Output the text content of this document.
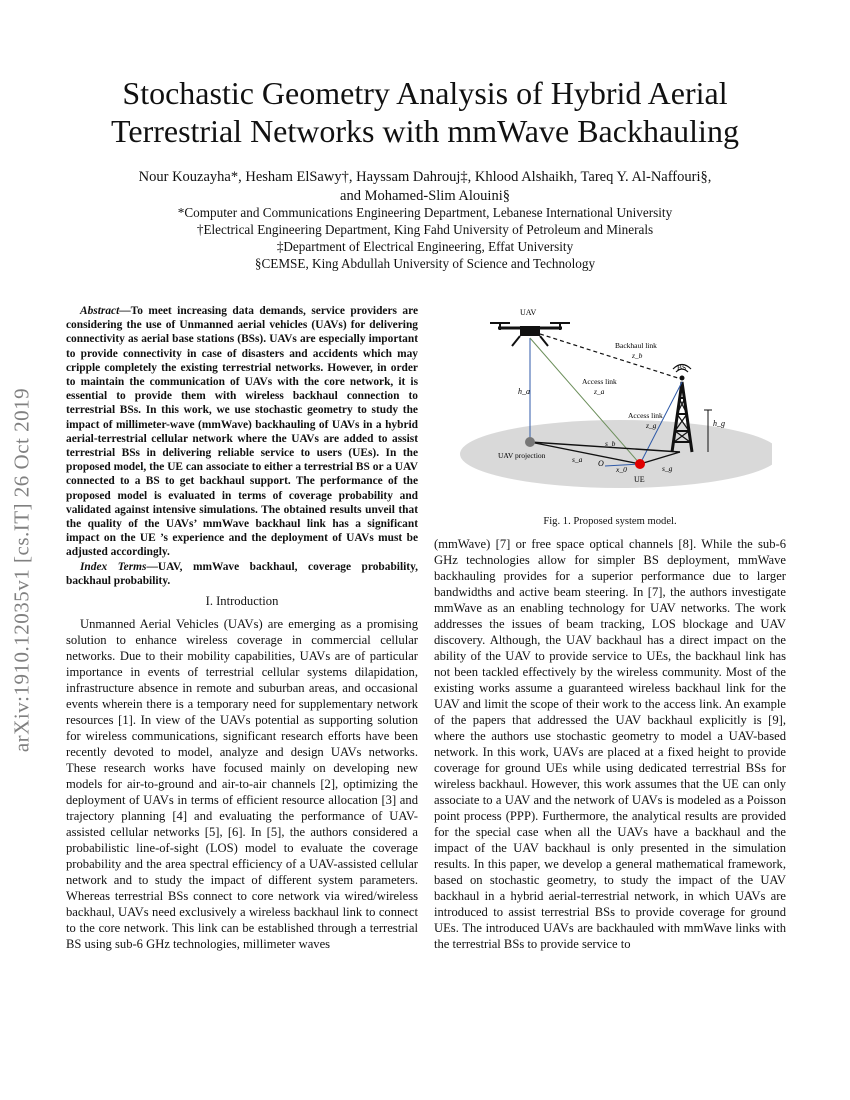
arXiv:1910.12035v1 [cs.IT] 26 Oct 2019
Stochastic Geometry Analysis of Hybrid Aerial
Terrestrial Networks with mmWave Backhauling
Nour Kouzayha*, Hesham ElSawy†, Hayssam Dahrouj‡, Khlood Alshaikh, Tareq Y. Al-Naffouri§,
and Mohamed-Slim Alouini§
*Computer and Communications Engineering Department, Lebanese International University
†Electrical Engineering Department, King Fahd University of Petroleum and Minerals
‡Department of Electrical Engineering, Effat University
§CEMSE, King Abdullah University of Science and Technology

Abstract—To meet increasing data demands, service providers are considering the use of Unmanned aerial vehicles (UAVs) for delivering connectivity as aerial base stations (BSs). UAVs are especially important to provide connectivity in case of disasters and accidents which may cripple completely the existing terrestrial networks. However, in order to maintain the communication of UAVs with the core network, it is essential to provide them with wireless backhaul connection to terrestrial BSs. In this work, we use stochastic geometry to study the impact of millimeter-wave (mmWave) backhauling of UAVs in a hybrid aerial-terrestrial cellular network where the UAVs are added to assist terrestrial BSs in delivering reliable service to users (UEs). In the proposed model, the UE can associate to either a terrestrial BS or a UAV connected to a BS to get backhaul support. The performance of the proposed model is evaluated in terms of coverage probability and validated against intensive simulations. The obtained results unveil that the quality of the UAVs’ mmWave backhaul link has a significant impact on the UE ’s experience and the deployment of UAVs must be adjusted accordingly.

Index Terms—UAV, mmWave backhaul, coverage probability, backhaul probability.

I. Introduction

Unmanned Aerial Vehicles (UAVs) are emerging as a promising solution to enhance wireless coverage in commercial cellular networks. Due to their mobility capabilities, UAVs are of particular importance in events of terrestrial cellular systems dilapidation, infrastructure absence in remote and suburban areas, and occasional events wherein there is a temporary need for supplementary network resources [1]. In view of the UAVs potential as supporting solution for wireless communications, significant research efforts have been recently devoted to model, analyze and design UAVs networks. These research works have focused mainly on developing new models for air-to-ground and air-to-air channels [2], optimizing the deployment of UAVs in terms of efficient resource allocation [3] and trajectory planning [4] and evaluating the performance of UAV-assisted cellular networks [5], [6]. In [5], the authors considered a probabilistic line-of-sight (LOS) model to evaluate the coverage probability and the area spectral efficiency of a UAV-assisted cellular network and to study the impact of different system parameters. Whereas terrestrial BSs connect to core network via wired/wireless backhaul, UAVs need exclusively a wireless backhaul link to connect to the core network. This link can be established through a terrestrial BS using sub-6 GHz technologies, millimeter waves

UAV
h_a
Backhaul link
z_b
BS
h_g
Access link
z_a
Access link
z_g
UAV projection
s_b
s_a
s_g
O
x_0
UE
Fig. 1. Proposed system model.

(mmWave) [7] or free space optical channels [8]. While the sub-6 GHz technologies allow for simpler BS deployment, mmWave backhauling provides for a superior performance due to larger bandwidths and active beam steering. In [7], the authors investigate mmWave as an enabling technology for UAV networks. The work addresses the issues of beam tracking, LOS blockage and UAV discovery. Although, the UAV backhaul has a direct impact on the ability of the UAV to provide service to UEs, the backhaul link has not been tackled effectively by the wireless community. Most of the existing works assume a guaranteed wireless backhaul link for the UAV and limit the scope of their work to the access link. An example of the papers that addressed the UAV backhaul explicitly is [9], where the authors use stochastic geometry to model a UAV-based network. In this work, UAVs are placed at a fixed height to provide coverage for ground UEs while using dedicated terrestrial BSs for wireless backhaul. However, this work assumes that the UE can only associate to a UAV and the network of UAVs is modeled as a Poisson point process (PPP). Furthermore, the analytical results are provided for the special case when all the UAVs have a backhaul and the impact of the UAV backhaul is only presented in the simulation results. In this paper, we develop a general mathematical framework, based on stochastic geometry, to study the impact of the UAV backhaul in a hybrid aerial-terrestrial network, in which UAVs are introduced to assist terrestrial BSs to provide coverage for ground UEs. The introduced UAVs are backhauled with mmWave links with the terrestrial BSs to provide service to
